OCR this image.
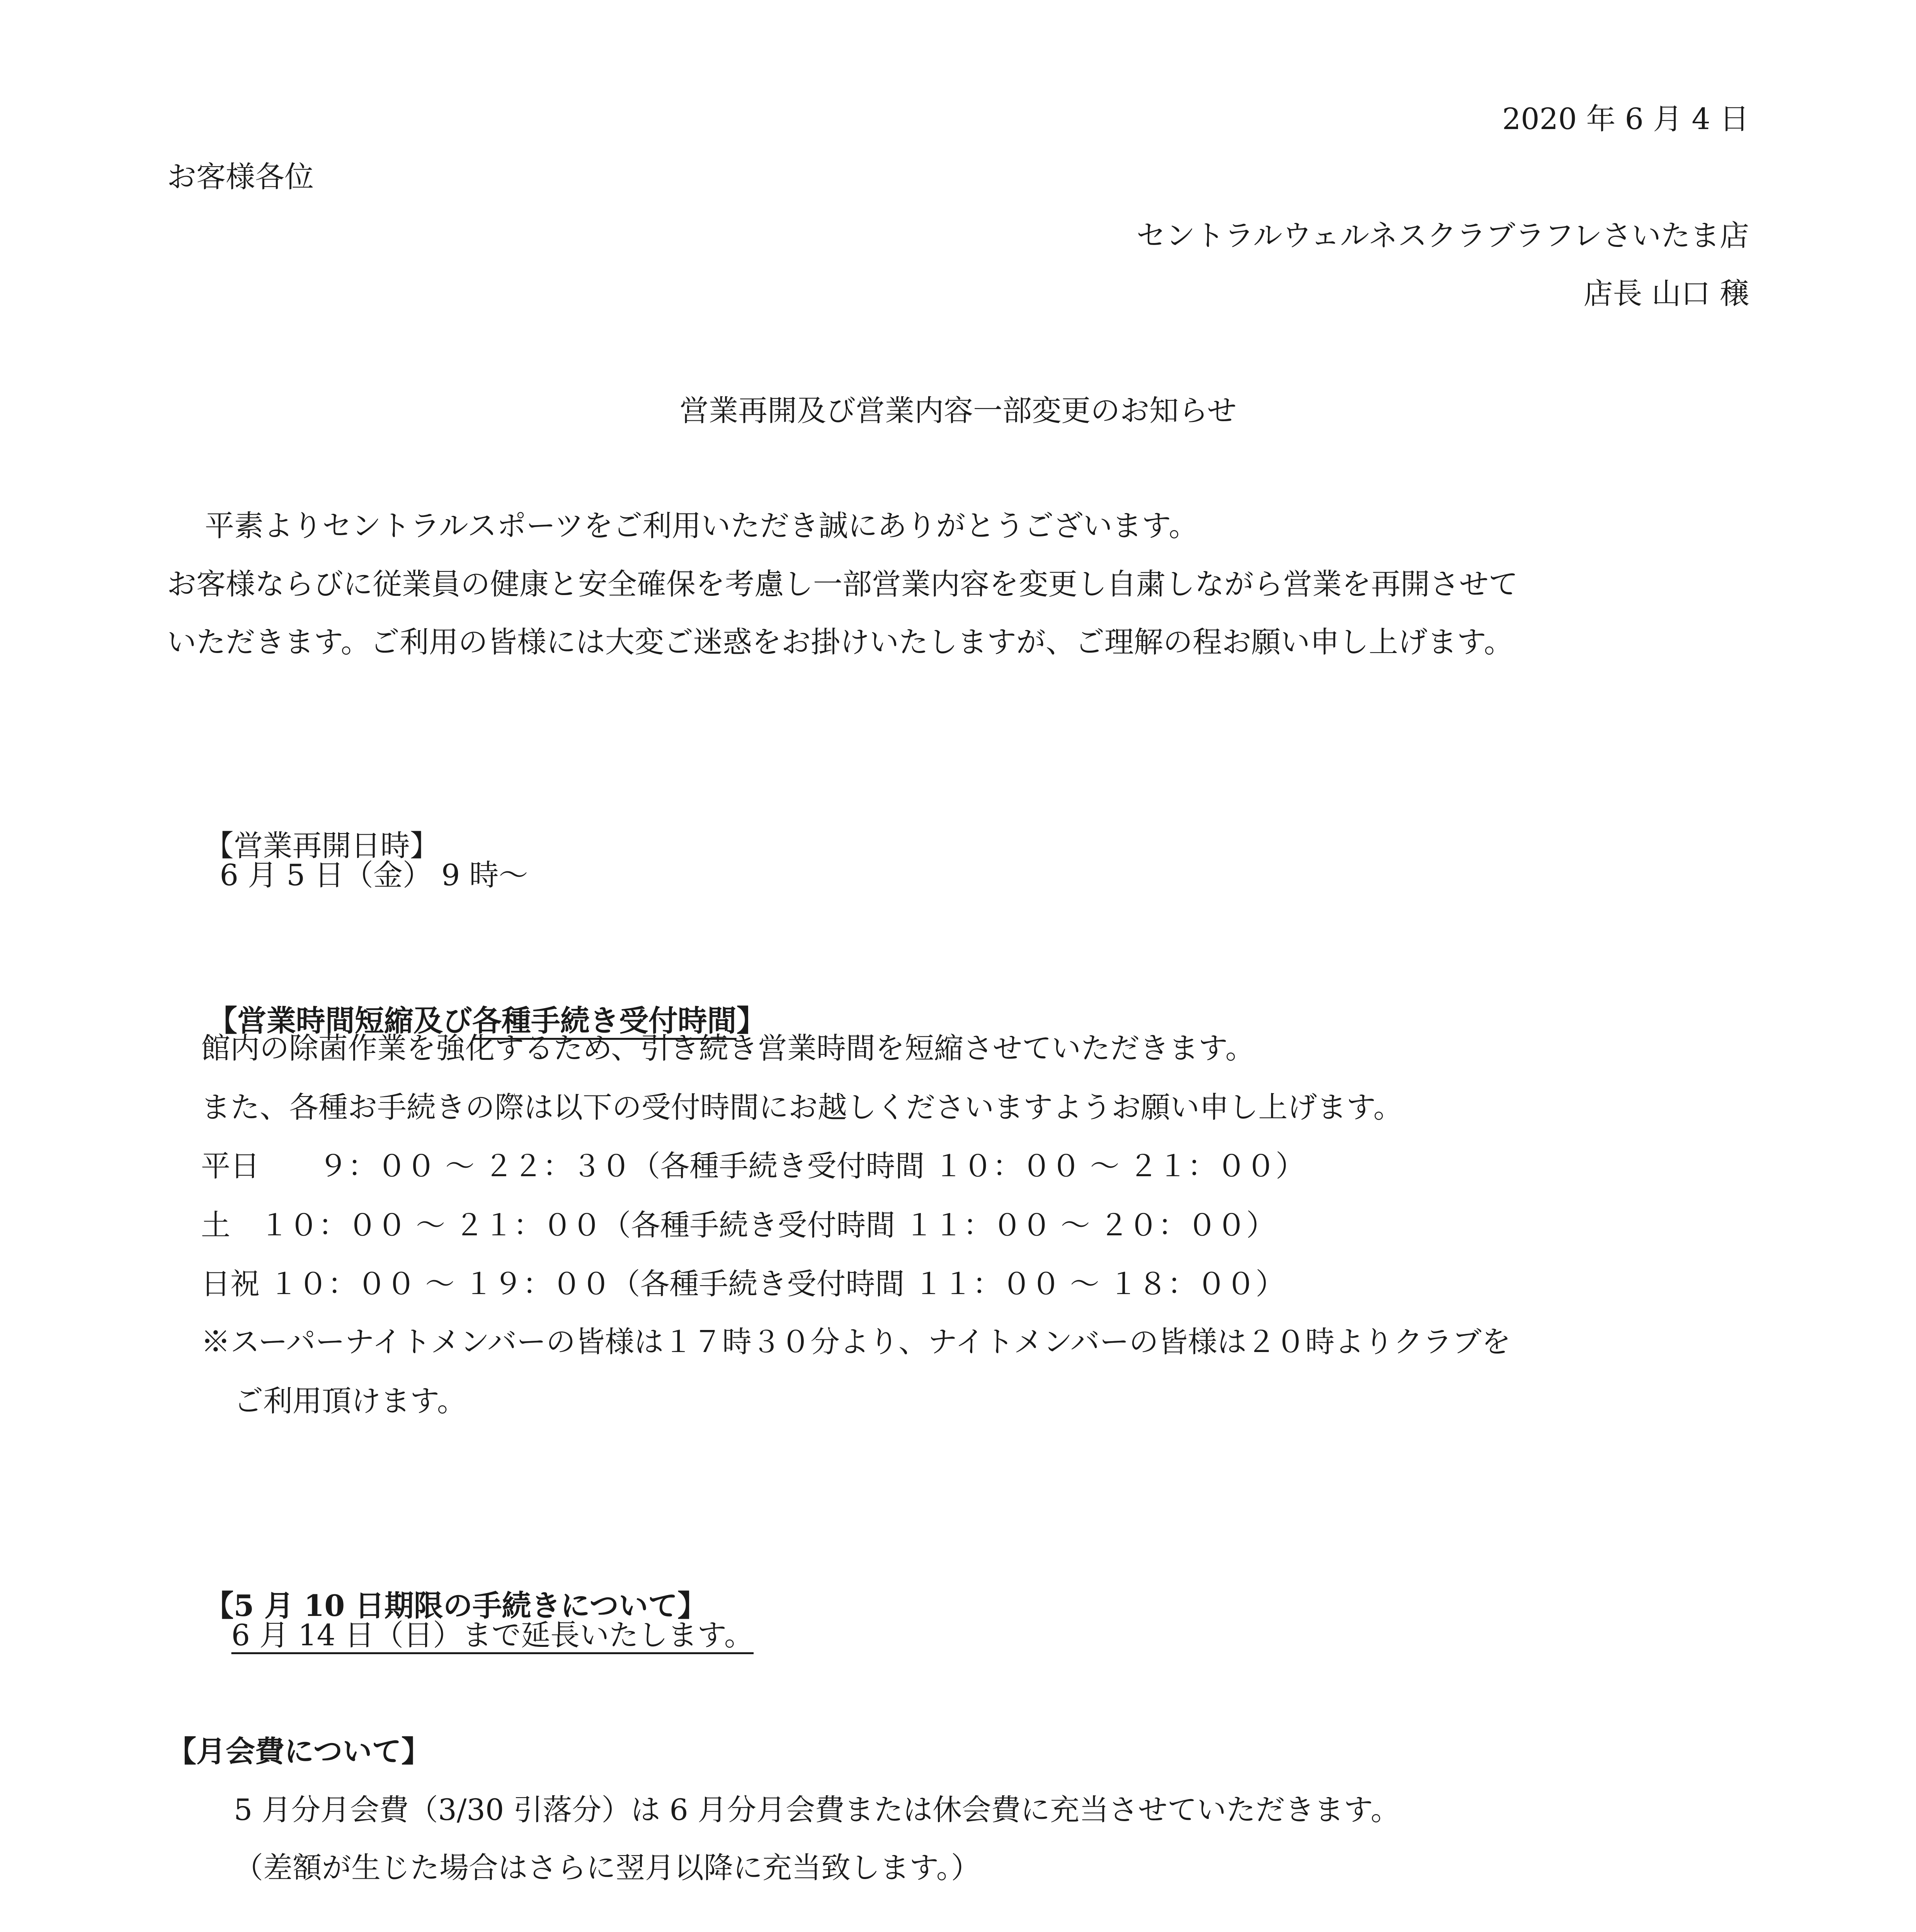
2020 年 6 月 4 日
お客様各位
セントラルウェルネスクラブラフレさいたま店
店長 山口 穣
営業再開及び営業内容一部変更のお知らせ
平素よりセントラルスポーツをご利用いただき誠にありがとうございます。
お客様ならびに従業員の健康と安全確保を考慮し一部営業内容を変更し自粛しながら営業を再開させて
いただきます。ご利用の皆様には大変ご迷惑をお掛けいたしますが、ご理解の程お願い申し上げます。

【営業再開日時】
6 月 5 日（金） 9 時～

【営業時間短縮及び各種手続き受付時間】

館内の除菌作業を強化するため、引き続き営業時間を短縮させていただきます。
また、各種お手続きの際は以下の受付時間にお越しくださいますようお願い申し上げます。
平日　　９：００ ～ ２２：３０（各種手続き受付時間 １０：００ ～ ２１：００）
土　１０：００ ～ ２１：００（各種手続き受付時間 １１：００ ～ ２０：００）
日祝 １０：００ ～ １９：００（各種手続き受付時間 １１：００ ～ １８：００）
※スーパーナイトメンバーの皆様は１７時３０分より、ナイトメンバーの皆様は２０時よりクラブを
ご利用頂けます。

【5 月 10 日期限の手続きについて】
6 月 14 日（日）まで延長いたします。

【月会費について】
5 月分月会費（3/30 引落分）は 6 月分月会費または休会費に充当させていただきます。
（差額が生じた場合はさらに翌月以降に充当致します。）
